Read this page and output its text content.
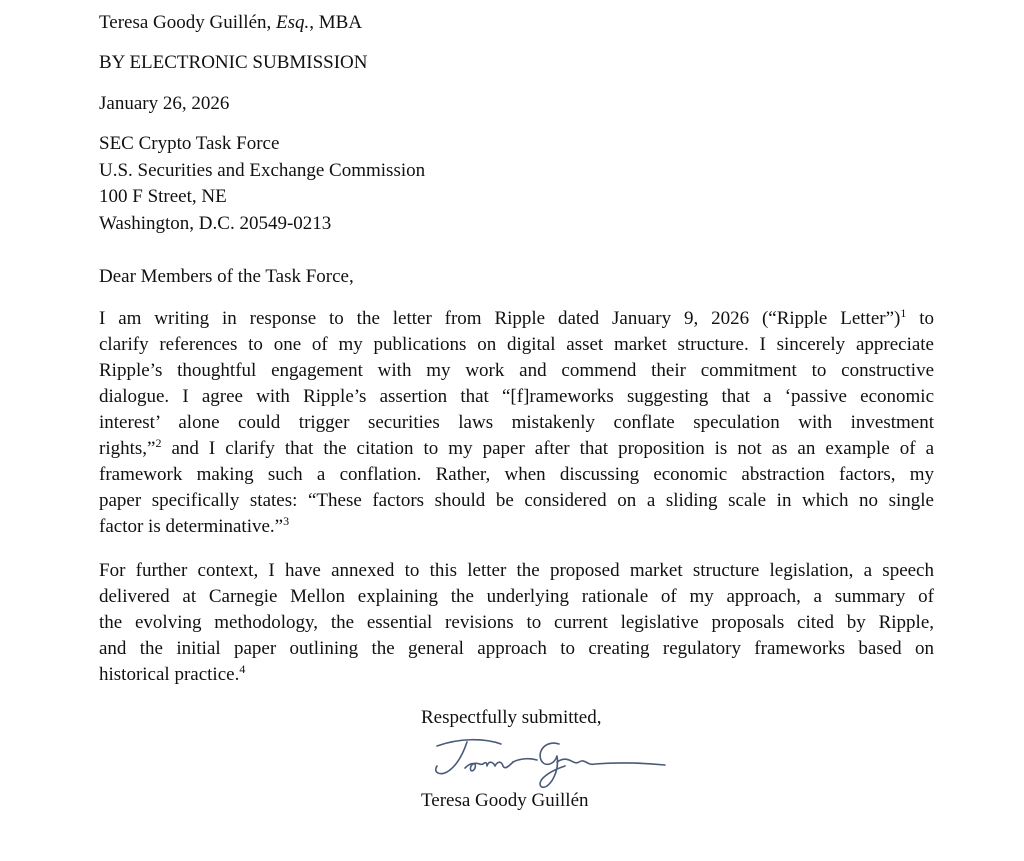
Teresa Goody Guillén, Esq., MBA

BY ELECTRONIC SUBMISSION

January 26, 2026

SEC Crypto Task Force

U.S. Securities and Exchange Commission

100 F Street, NE

Washington, D.C. 20549-0213

Dear Members of the Task Force,

I am writing in response to the letter from Ripple dated January 9, 2026 (“Ripple Letter”)$^1$ to
clarify references to one of my publications on digital asset market structure. I sincerely appreciate
Ripple’s thoughtful engagement with my work and commend their commitment to constructive
dialogue. I agree with Ripple’s assertion that “[f]rameworks suggesting that a ‘passive economic
interest’ alone could trigger securities laws mistakenly conflate speculation with investment
rights,”$^2$ and I clarify that the citation to my paper after that proposition is not as an example of a
framework making such a conflation. Rather, when discussing economic abstraction factors, my
paper specifically states: “These factors should be considered on a sliding scale in which no single
factor is determinative.”$^3$
For further context, I have annexed to this letter the proposed market structure legislation, a speech
delivered at Carnegie Mellon explaining the underlying rationale of my approach, a summary of
the evolving methodology, the essential revisions to current legislative proposals cited by Ripple,
and the initial paper outlining the general approach to creating regulatory frameworks based on
historical practice.$^4$

Respectfully submitted,

Teresa Goody Guillén
